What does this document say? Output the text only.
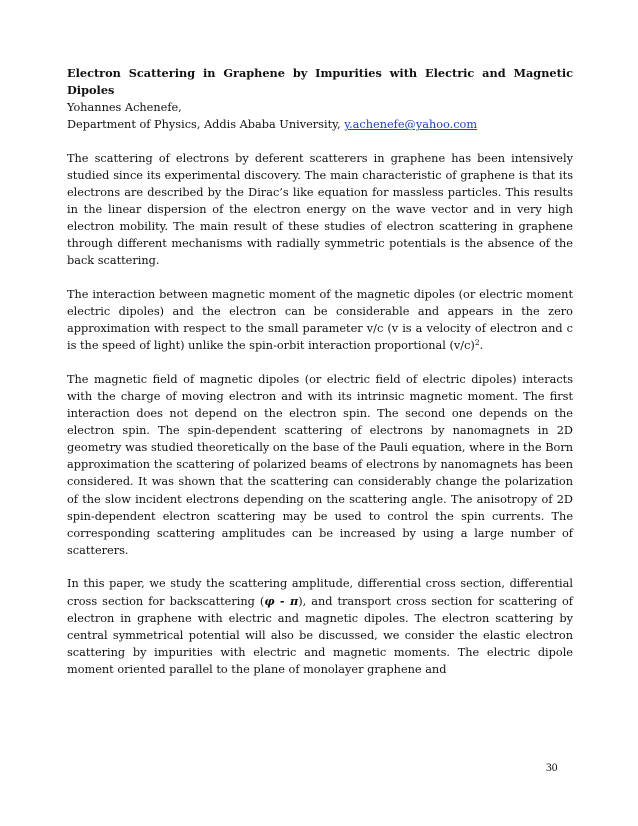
Electron Scattering in Graphene by Impurities with Electric and Magnetic Dipoles

Yohannes Achenefe,

Department of Physics, Addis Ababa University, y.achenefe@yahoo.com

The scattering of electrons by deferent scatterers in graphene has been intensively studied since its experimental discovery. The main characteristic of graphene is that its electrons are described by the Dirac’s like equation for massless particles. This results in the linear dispersion of the electron energy on the wave vector and in very high electron mobility. The main result of these studies of electron scattering in graphene through different mechanisms with radially symmetric potentials is the absence of the back scattering.

The interaction between magnetic moment of the magnetic dipoles (or electric moment electric dipoles) and the electron can be considerable and appears in the zero approximation with respect to the small parameter v/c (v is a velocity of electron and c is the speed of light) unlike the spin-orbit interaction proportional $(v/c)^2$.

The magnetic field of magnetic dipoles (or electric field of electric dipoles) interacts with the charge of moving electron and with its intrinsic magnetic moment. The first interaction does not depend on the electron spin. The second one depends on the electron spin. The spin-dependent scattering of electrons by nanomagnets in 2D geometry was studied theoretically on the base of the Pauli equation, where in the Born approximation the scattering of polarized beams of electrons by nanomagnets has been considered. It was shown that the scattering can considerably change the polarization of the slow incident electrons depending on the scattering angle. The anisotropy of 2D spin-dependent electron scattering may be used to control the spin currents. The corresponding scattering amplitudes can be increased by using a large number of scatterers.

In this paper, we study the scattering amplitude, differential cross section, differential cross section for backscattering (φ - π), and transport cross section for scattering of electron in graphene with electric and magnetic dipoles. The electron scattering by central symmetrical potential will also be discussed, we consider the elastic electron scattering by impurities with electric and magnetic moments. The electric dipole moment oriented parallel to the plane of monolayer graphene and

30
